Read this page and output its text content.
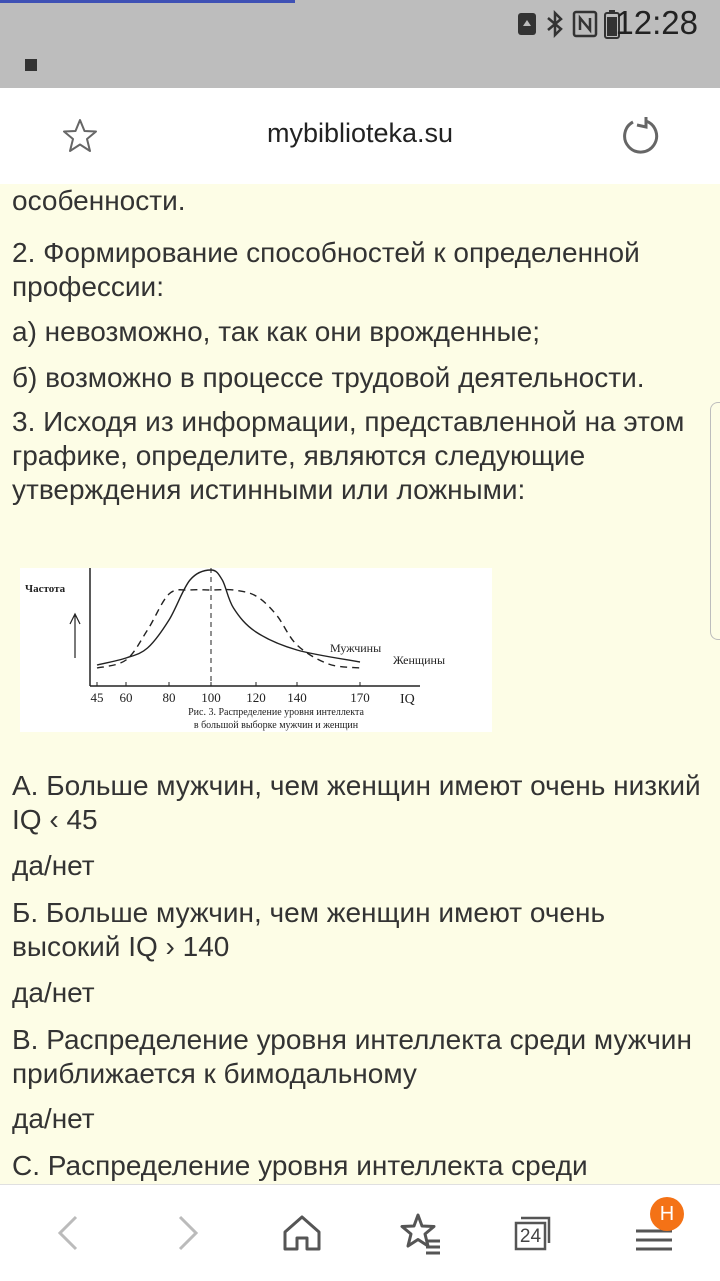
12:28
mybiblioteka.su

особенности.

2. Формирование способностей к определенной профессии:

а) невозможно, так как они врожденные;

б) возможно в процессе трудовой деятельности.

3. Исходя из информации, представленной на этом графике, определите, являются следующие утверждения истинными или ложными:

Частота
45 60 80 100 120 140	170
Мужчины
Женщины
IQ
Рис. 3. Распределение уровня интеллекта
в большой выборке мужчин и женщин

А. Больше мужчин, чем женщин имеют очень низкий IQ ‹ 45

да/нет

Б. Больше мужчин, чем женщин имеют очень высокий IQ › 140

да/нет

В. Распределение уровня интеллекта среди мужчин приближается к бимодальному

да/нет

С. Распределение уровня интеллекта среди

24
H
